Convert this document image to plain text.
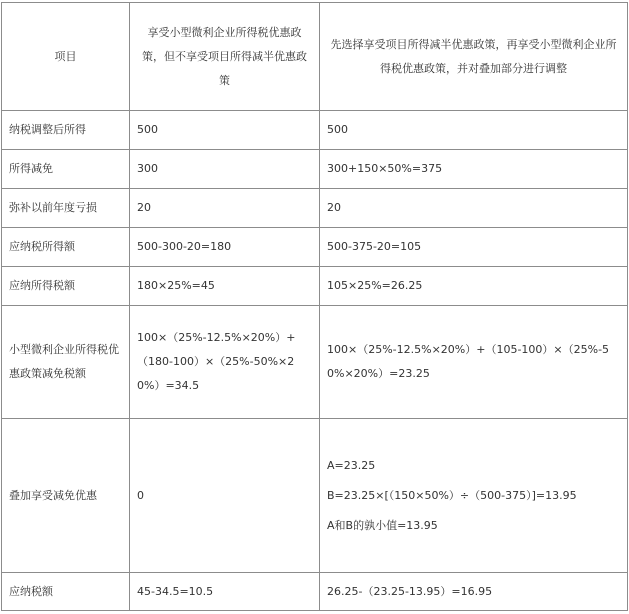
项目	享受小型微利企业所得税优惠政策，但不享受项目所得减半优惠政策	先选择享受项目所得减半优惠政策，再享受小型微利企业所得税优惠政策，并对叠加部分进行调整
纳税调整后所得	500	500
所得减免	300	300+150×50%=375
弥补以前年度亏损	20	20
应纳税所得额	500-300-20=180	500-375-20=105
应纳所得税额	180×25%=45	105×25%=26.25
小型微利企业所得税优惠政策减免税额	100×（25%-12.5%×20%）+（180-100）×（25%-50%×20%）=34.5	100×（25%-12.5%×20%）+（105-100）×（25%-50%×20%）=23.25
叠加享受减免优惠	0	A=23.25
B=23.25×[（150×50%）÷（500-375）]=13.95
A和B的孰小值=13.95

应纳税额	45-34.5=10.5	26.25-（23.25-13.95）=16.95
